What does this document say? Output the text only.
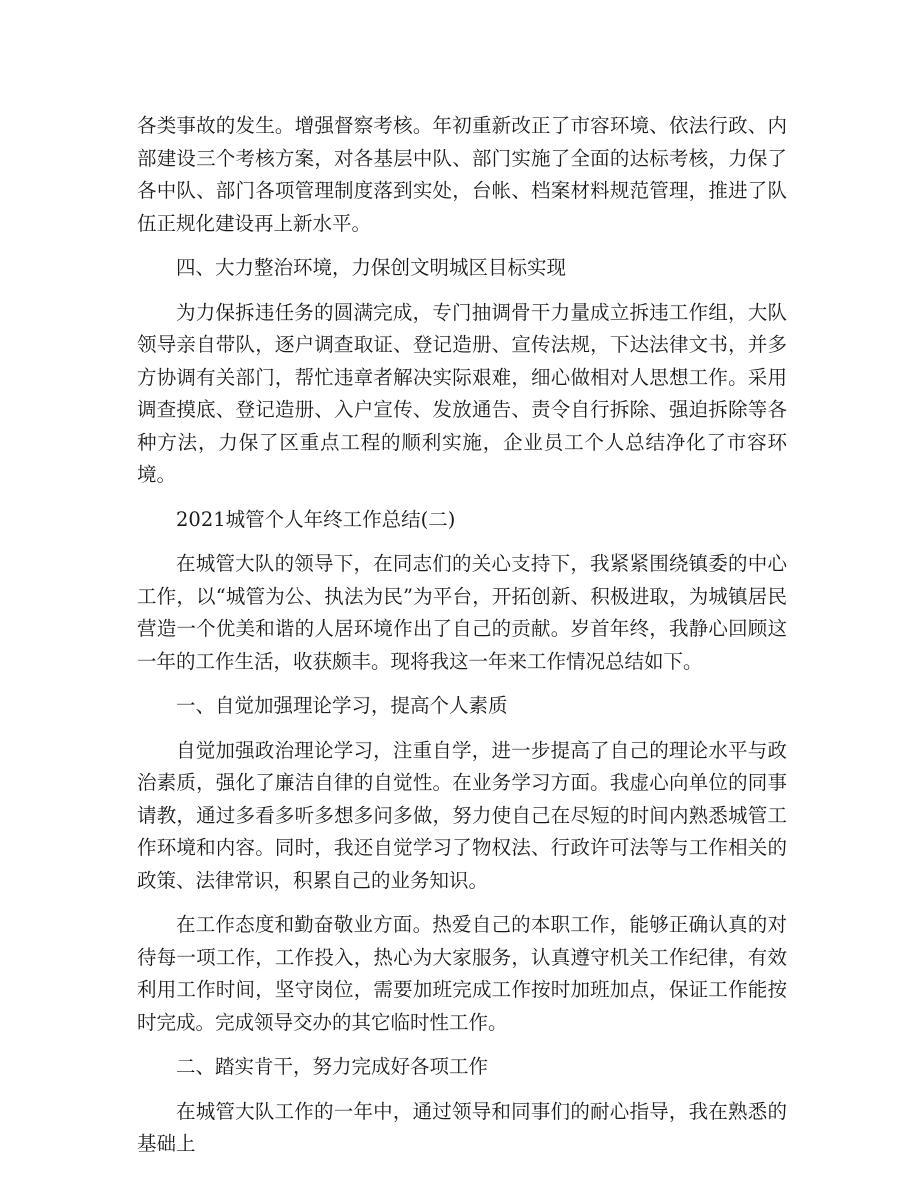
各类事故的发生。增强督察考核。年初重新改正了市容环境、依法行政、内部建设三个考核方案，对各基层中队、部门实施了全面的达标考核，力保了各中队、部门各项管理制度落到实处，台帐、档案材料规范管理，推进了队伍正规化建设再上新水平。

四、大力整治环境，力保创文明城区目标实现

为力保拆违任务的圆满完成，专门抽调骨干力量成立拆违工作组，大队领导亲自带队，逐户调查取证、登记造册、宣传法规，下达法律文书，并多方协调有关部门，帮忙违章者解决实际艰难，细心做相对人思想工作。采用调查摸底、登记造册、入户宣传、发放通告、责令自行拆除、强迫拆除等各种方法，力保了区重点工程的顺利实施，企业员工个人总结净化了市容环境。

2021城管个人年终工作总结(二)

在城管大队的领导下，在同志们的关心支持下，我紧紧围绕镇委的中心工作，以“城管为公、执法为民”为平台，开拓创新、积极进取，为城镇居民营造一个优美和谐的人居环境作出了自己的贡献。岁首年终，我静心回顾这一年的工作生活，收获颇丰。现将我这一年来工作情况总结如下。

一、自觉加强理论学习，提高个人素质

自觉加强政治理论学习，注重自学，进一步提高了自己的理论水平与政治素质，强化了廉洁自律的自觉性。在业务学习方面。我虚心向单位的同事请教，通过多看多听多想多问多做，努力使自己在尽短的时间内熟悉城管工作环境和内容。同时，我还自觉学习了物权法、行政许可法等与工作相关的政策、法律常识，积累自己的业务知识。

在工作态度和勤奋敬业方面。热爱自己的本职工作，能够正确认真的对待每一项工作，工作投入，热心为大家服务，认真遵守机关工作纪律，有效利用工作时间，坚守岗位，需要加班完成工作按时加班加点，保证工作能按时完成。完成领导交办的其它临时性工作。

二、踏实肯干，努力完成好各项工作

在城管大队工作的一年中，通过领导和同事们的耐心指导，我在熟悉的基础上
